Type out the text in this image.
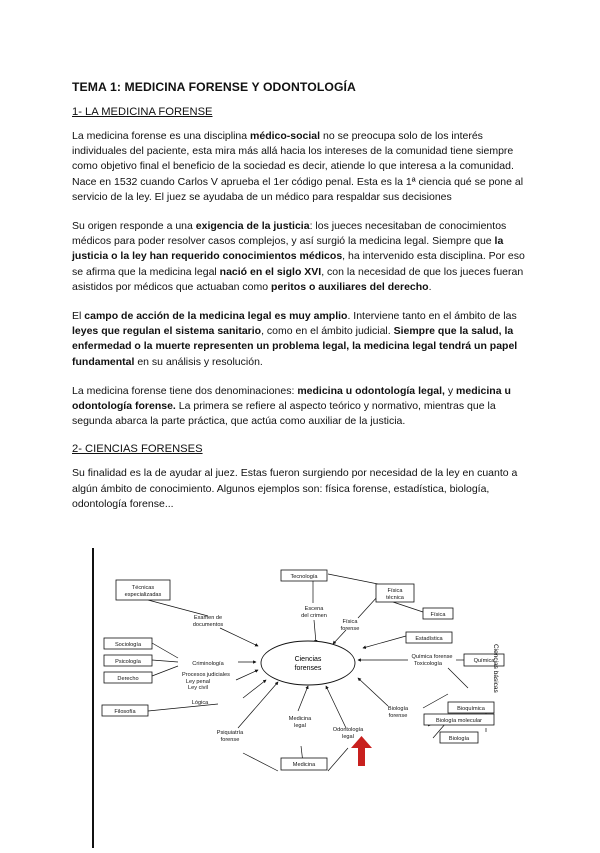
TEMA 1: MEDICINA FORENSE Y ODONTOLOGÍA
1- LA MEDICINA FORENSE

La medicina forense es una disciplina médico-social no se preocupa solo de los interés individuales del paciente, esta mira más allá hacia los intereses de la comunidad tiene siempre como objetivo final el beneficio de la sociedad es decir, atiende lo que interesa a la comunidad. Nace en 1532 cuando Carlos V aprueba el 1er código penal. Esta es la 1ª ciencia qué se pone al servicio de la ley. El juez se ayudaba de un médico para respaldar sus decisiones

Su origen responde a una exigencia de la justicia: los jueces necesitaban de conocimientos médicos para poder resolver casos complejos, y así surgió la medicina legal. Siempre que la justicia o la ley han requerido conocimientos médicos, ha intervenido esta disciplina. Por eso se afirma que la medicina legal nació en el siglo XVI, con la necesidad de que los jueces fueran asistidos por médicos que actuaban como peritos o auxiliares del derecho.

El campo de acción de la medicina legal es muy amplio. Interviene tanto en el ámbito de las leyes que regulan el sistema sanitario, como en el ámbito judicial. Siempre que la salud, la enfermedad o la muerte representen un problema legal, la medicina legal tendrá un papel fundamental en su análisis y resolución.

La medicina forense tiene dos denominaciones: medicina u odontología legal, y medicina u odontología forense. La primera se refiere al aspecto teórico y normativo, mientras que la segunda abarca la parte práctica, que actúa como auxiliar de la justicia.

2- CIENCIAS FORENSES

Su finalidad es la de ayudar al juez. Estas fueron surgiendo por necesidad de la ley en cuanto a algún ámbito de conocimiento. Algunos ejemplos son: física forense, estadística, biología, odontología forense...

Ciencias
forenses
Técnicas
especializadas
Tecnología
Física
técnica
Física
Sociología
Psicología
Derecho
Filosofía
Estadística
Química
Bioquímica
Biología molecular
Biología
Medicina
Escena
del crimen
Examen de
documentos	Física
forense
Criminología
Procesos judiciales
Ley penal
Ley civil
Química forense
Toxicología
Lógica
Biología
forense
Psiquiatría
forense
Medicina
legal
Odontología
legal
Ciencias básicas
